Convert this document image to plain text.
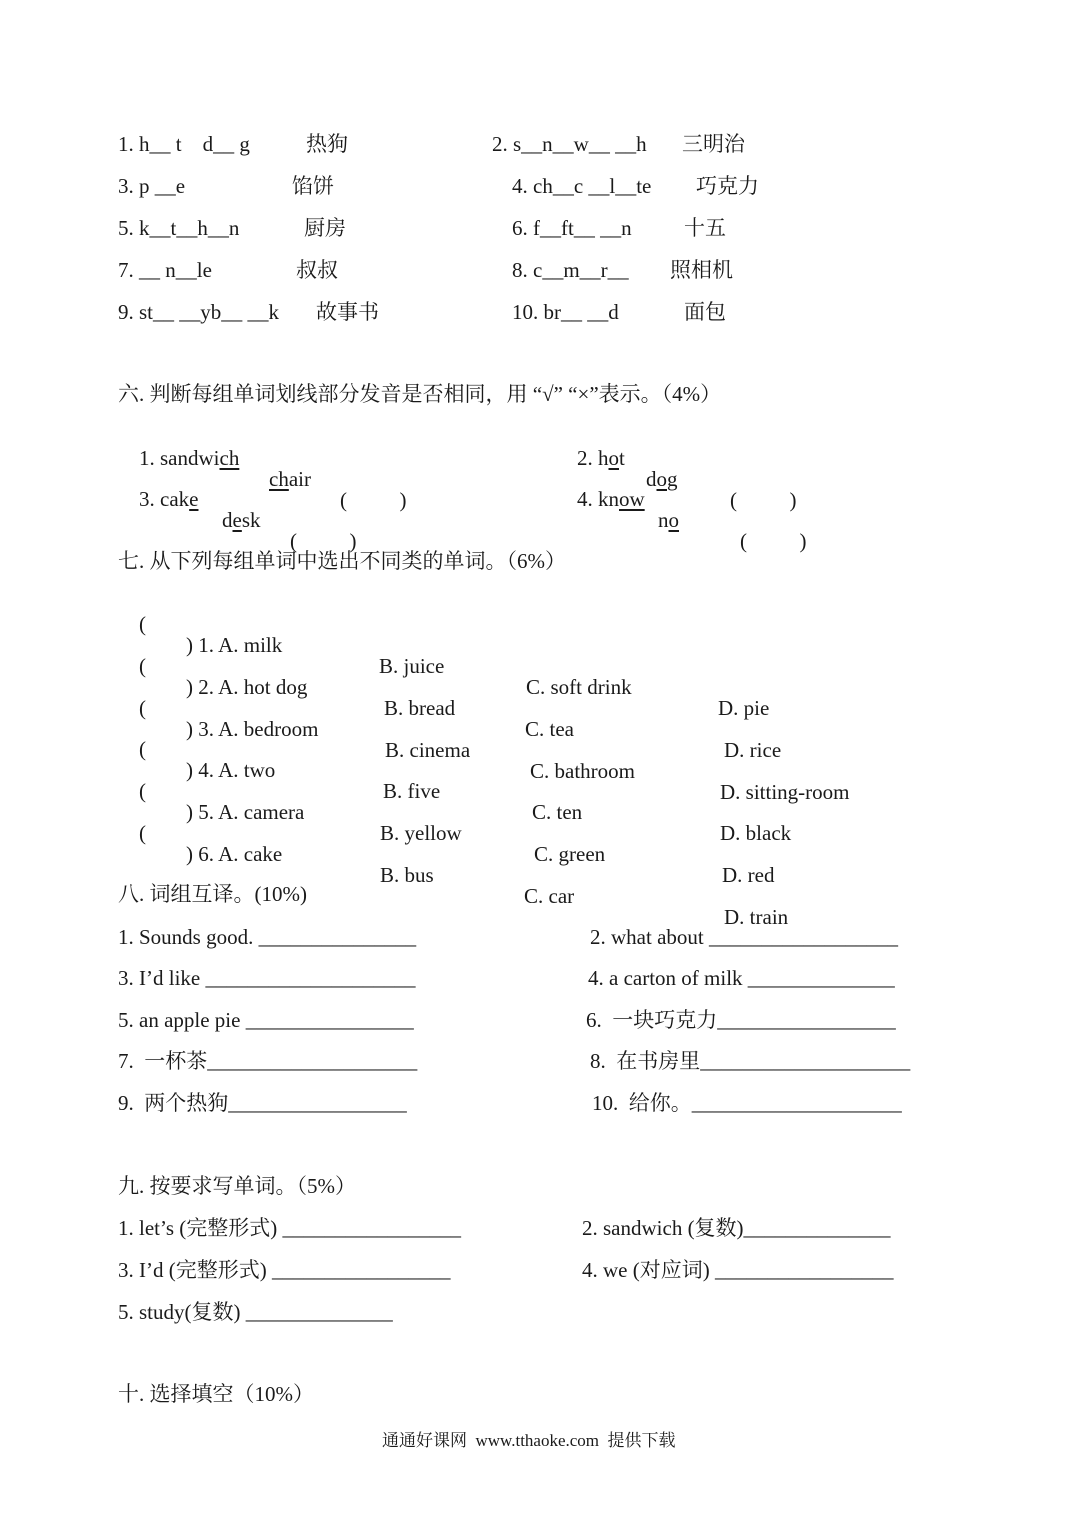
1. h__ t    d__ g	热狗	2. s__n__w__ __h 三明治
3. p __e	馅饼	4. ch__c __l__te 巧克力
5. k__t__h__n	厨房	6. f__ft__ __n 十五
7. __ n__le	叔叔	8. c__m__r__ 照相机
9. st__ __yb__ __k 故事书	10. br__ __d	面包
六. 判断每组单词划线部分发音是否相同，用 “√” “×”表示。（4%）

1. sandwich

chair

(          )

2. hot

dog

(          )

3. cake

desk

(          )

4. know

no

(          )

七. 从下列每组单词中选出不同类的单词。（6%）

(

) 1. A. milk

B. juice

C. soft drink

D. pie

(

) 2. A. hot dog

B. bread

C. tea

D. rice

(

) 3. A. bedroom

B. cinema

C. bathroom

D. sitting-room

(

) 4. A. two

B. five

C. ten

D. black

(

) 5. A. camera

B. yellow

C. green

D. red

(

) 6. A. cake

B. bus

C. car

D. train

八. 词组互译。(10%)
1. Sounds good. _______________	2. what about __________________
3. I’d like ____________________	4. a carton of milk ______________
5. an apple pie ________________	6.  一块巧克力_________________
7.  一杯茶____________________	8.  在书房里____________________
9.  两个热狗_________________	10.  给你。____________________
九. 按要求写单词。（5%）
1. let’s (完整形式) _________________	2. sandwich (复数)______________
3. I’d (完整形式) _________________	4. we (对应词) _________________
5. study(复数) ______________
十. 选择填空（10%）
通通好课网  www.tthaoke.com  提供下载
